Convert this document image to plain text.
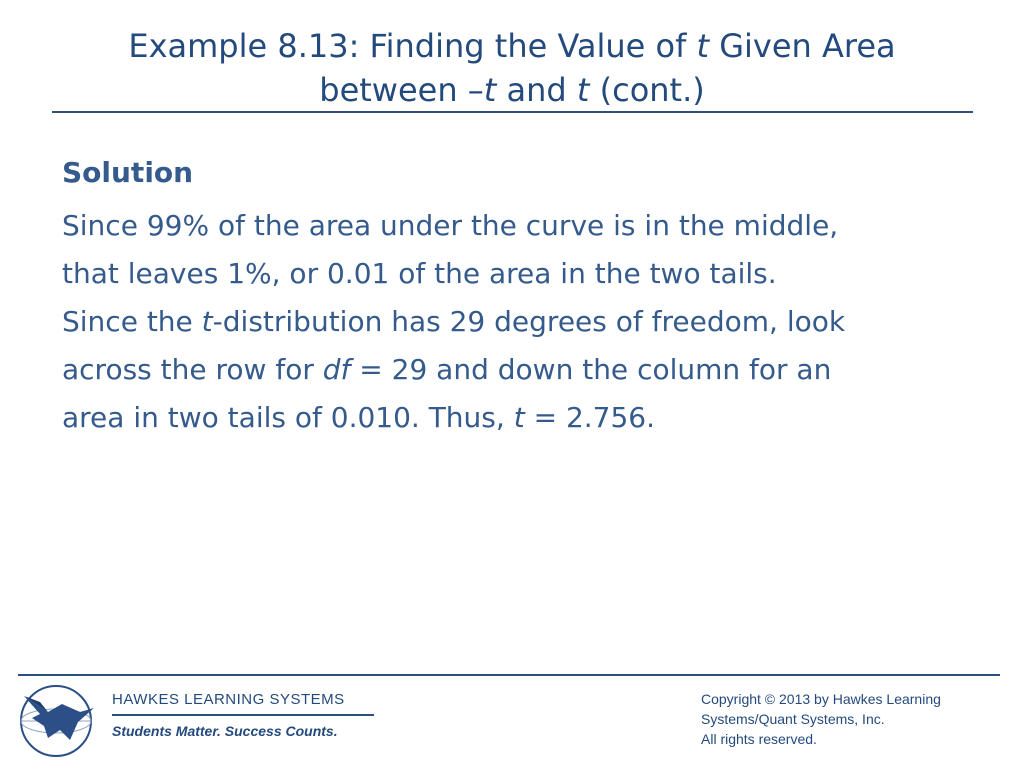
Example 8.13: Finding the Value of t Given Area
between –t and t (cont.)

Solution

Since 99% of the area under the curve is in the middle,
that leaves 1%, or 0.01 of the area in the two tails.
Since the t-distribution has 29 degrees of freedom, look
across the row for df = 29 and down the column for an
area in two tails of 0.010. Thus, t = 2.756.
HAWKES LEARNING SYSTEMS
Students Matter. Success Counts.
Copyright © 2013 by Hawkes Learning
Systems/Quant Systems, Inc.
All rights reserved.
